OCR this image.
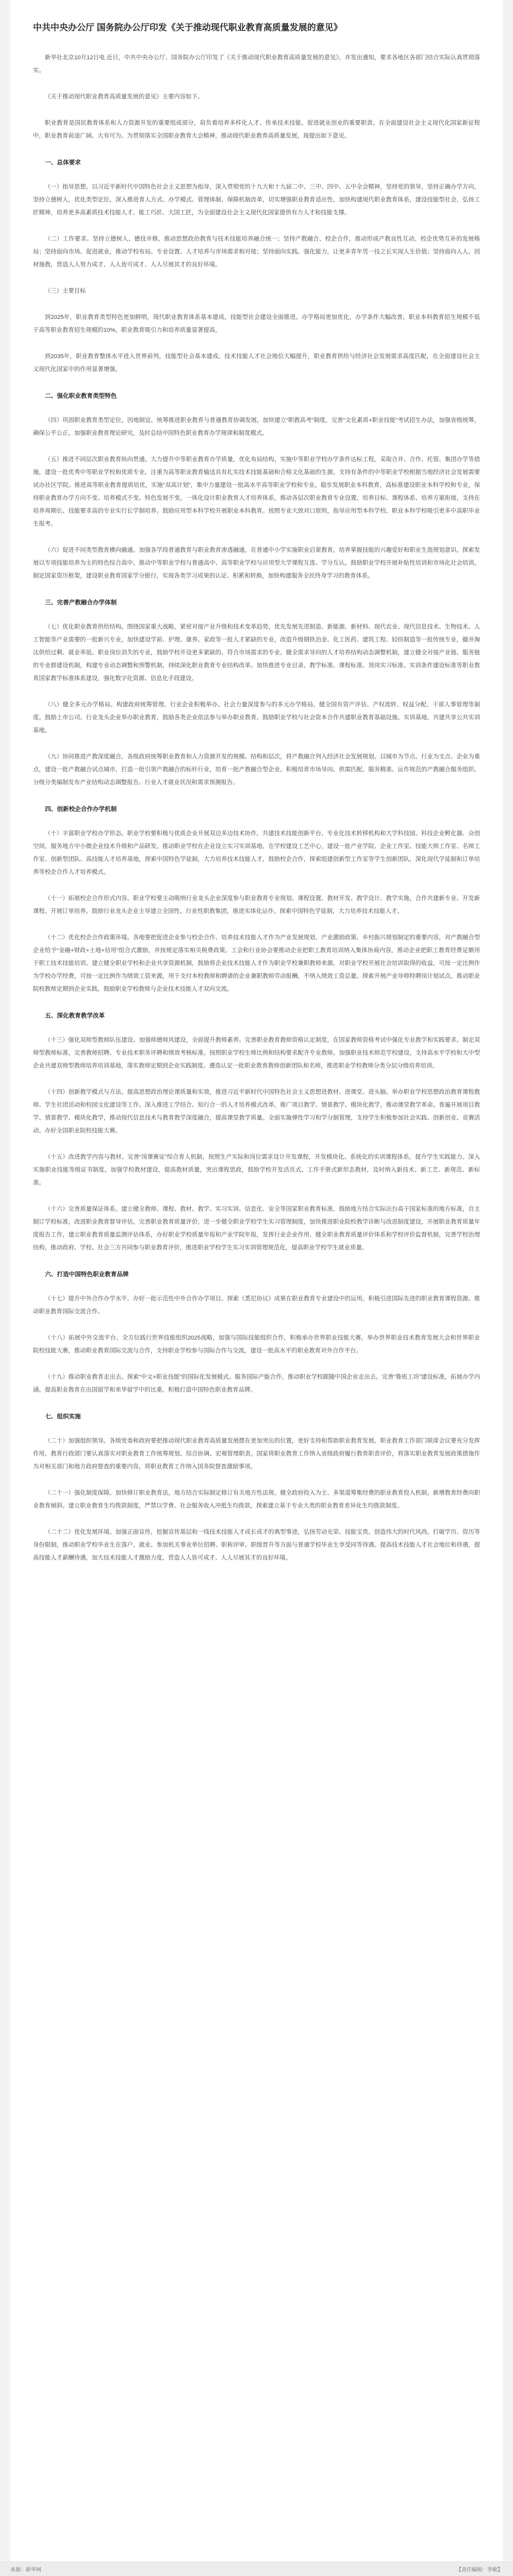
中共中央办公厅 国务院办公厅印发《关于推动现代职业教育高质量发展的意见》

新华社北京10月12日电 近日，中共中央办公厅、国务院办公厅印发了《关于推动现代职业教育高质量发展的意见》，并发出通知，要求各地区各部门结合实际认真贯彻落实。

《关于推动现代职业教育高质量发展的意见》主要内容如下。

职业教育是国民教育体系和人力资源开发的重要组成部分，肩负着培养多样化人才、传承技术技能、促进就业创业的重要职责。在全面建设社会主义现代化国家新征程中，职业教育前途广阔、大有可为。为贯彻落实全国职业教育大会精神，推动现代职业教育高质量发展，现提出如下意见。

一、总体要求

（一）指导思想。以习近平新时代中国特色社会主义思想为指导，深入贯彻党的十九大和十九届二中、三中、四中、五中全会精神，坚持党的领导，坚持正确办学方向，坚持立德树人，优化类型定位，深入推进育人方式、办学模式、管理体制、保障机制改革，切实增强职业教育适应性，加快构建现代职业教育体系，建设技能型社会，弘扬工匠精神，培养更多高素质技术技能人才、能工巧匠、大国工匠，为全面建设社会主义现代化国家提供有力人才和技能支撑。

（二）工作要求。坚持立德树人、德技并修，推动思想政治教育与技术技能培养融合统一；坚持产教融合、校企合作，推动形成产教良性互动、校企优势互补的发展格局；坚持面向市场、促进就业，推动学校布局、专业设置、人才培养与市场需求相对接；坚持面向实践、强化能力，让更多青年凭一技之长实现人生价值；坚持面向人人、因材施教，营造人人努力成才、人人皆可成才、人人尽展其才的良好环境。

（三）主要目标

到2025年，职业教育类型特色更加鲜明，现代职业教育体系基本建成，技能型社会建设全面推进。办学格局更加优化，办学条件大幅改善，职业本科教育招生规模不低于高等职业教育招生规模的10%，职业教育吸引力和培养质量显著提高。

到2035年，职业教育整体水平进入世界前列，技能型社会基本建成。技术技能人才社会地位大幅提升，职业教育供给与经济社会发展需求高度匹配，在全面建设社会主义现代化国家中的作用显著增强。

二、强化职业教育类型特色

（四）巩固职业教育类型定位。因地制宜、统筹推进职业教育与普通教育协调发展。加快建立“职教高考”制度，完善“文化素质+职业技能”考试招生办法，加强省级统筹，确保公平公正。加强职业教育理论研究，及时总结中国特色职业教育办学规律和制度模式。

（五）推进不同层次职业教育纵向贯通。大力提升中等职业教育办学质量，优化布局结构，实施中等职业学校办学条件达标工程，采取合并、合作、托管、集团办学等措施，建设一批优秀中等职业学校和优质专业，注重为高等职业教育输送具有扎实技术技能基础和合格文化基础的生源。支持有条件的中等职业学校根据当地经济社会发展需要试办社区学院。推进高等职业教育提质培优，实施“双高计划”，集中力量建设一批高水平高等职业学校和专业。稳步发展职业本科教育，高标准建设职业本科学校和专业，保持职业教育办学方向不变、培养模式不变、特色发展不变。一体化设计职业教育人才培养体系，推动各层次职业教育专业设置、培养目标、课程体系、培养方案衔接，支持在培养周期长、技能要求高的专业实行长学制培养。鼓励应用型本科学校开展职业本科教育。按照专业大致对口原则，指导应用型本科学校、职业本科学校吸引更多中高职毕业生报考。

（六）促进不同类型教育横向融通。加强各学段普通教育与职业教育渗透融通，在普通中小学实施职业启蒙教育，培养掌握技能的兴趣爱好和职业生涯规划意识。探索发展以专项技能培养为主的特色综合高中。推动中等职业学校与普通高中、高等职业学校与应用型大学课程互选、学分互认。鼓励职业学校开展补贴性培训和市场化社会培训。制定国家资历框架，建设职业教育国家学分银行，实现各类学习成果的认证、积累和转换，加快构建服务全民终身学习的教育体系。

三、完善产教融合办学体制

（七）优化职业教育供给结构。围绕国家重大战略，紧密对接产业升级和技术变革趋势，优先发展先进制造、新能源、新材料、现代农业、现代信息技术、生物技术、人工智能等产业需要的一批新兴专业，加快建设学前、护理、康养、家政等一批人才紧缺的专业，改造升级钢铁冶金、化工医药、建筑工程、轻纺制造等一批传统专业，撤并淘汰供给过剩、就业率低、职业岗位消失的专业，鼓励学校开设更多紧缺的、符合市场需求的专业。健全需求导向的人才培养结构动态调整机制，建立健全对接产业链、服务链的专业群建设机制，构建专业动态调整和预警机制，持续深化职业教育专业结构改革。加快推进专业目录、教学标准、课程标准、顶岗实习标准、实训条件建设标准等职业教育国家教学标准体系建设，强化数字化资源、信息化手段建设。

（八）健全多元办学格局。构建政府统筹管理、行业企业积极举办、社会力量深度参与的多元办学格局。健全国有资产评估、产权流转、权益分配、干部人事管理等制度。鼓励上市公司、行业龙头企业举办职业教育，鼓励各类企业依法参与举办职业教育。鼓励职业学校与社会资本合作共建职业教育基础设施、实训基地，共建共享公共实训基地。

（九）协同推进产教深度融合。各级政府统筹职业教育和人力资源开发的规模、结构和层次，将产教融合列入经济社会发展规划。以城市为节点、行业为支点、企业为重点，建设一批产教融合试点城市，打造一批引领产教融合的标杆行业，培育一批产教融合型企业。积极培育市场导向、供需匹配、服务精准、运作规范的产教融合服务组织。分级分类编制发布产业结构动态调整报告、行业人才就业状况和需求预测报告。

四、创新校企合作办学机制

（十）丰富职业学校办学形态。职业学校要积极与优质企业开展双边多边技术协作，共建技术技能创新平台、专业化技术转移机构和大学科技园、科技企业孵化器、众创空间，服务地方中小微企业技术升级和产品研发。推动职业学校在企业设立实习实训基地、在学校建设工艺中心，建设一批产业学院、企业工作室、技能大师工作室、名师工作室、创新型团队、高技能人才培养基地，探索中国特色学徒制，大力培养技术技能人才，鼓励校企合作，探索组建创新型工作室等学生创新团队，深化现代学徒制和订单培养等校企合作人才培养模式。

（十一）拓展校企合作形式内容。职业学校要主动吸纳行业龙头企业深度参与职业教育专业规划、课程设置、教材开发、教学设计、教学实施，合作共建新专业、开发新课程、开展订单培养。鼓励行业龙头企业主导建立全国性、行业性职教集团，推进实体化运作。探索中国特色学徒制，大力培养技术技能人才。

（十二）优化校企合作政策环境。各地要把促进企业参与校企合作、培养技术技能人才作为产业发展规划、产业激励政策、乡村振兴规划制定的重要内容，对产教融合型企业给予“金融+财政+土地+信用”组合式激励，并按规定落实相关税费政策。工会和行业协会要推动企业把职工教育培训纳入集体协商内容，推动企业把职工教育经费足额用于职工技术技能培训。建立健全职业学校和企业共享资源机制，鼓励将企业技术技能人才作为职业学校兼职教师来源。对职业学校开展社会培训取得的收益，可按一定比例作为学校办学经费，可按一定比例作为绩效工资来源，用于支付本校教师和聘请的企业兼职教师劳动报酬，不纳入绩效工资总量。探索开展产业导师特聘岗计划试点，推动职业院校教师定期到企业实践，鼓励职业学校教师与企业技术技能人才双向交流。

五、深化教育教学改革

（十三）强化双师型教师队伍建设。加强师德师风建设，全面提升教师素养。完善职业教育教师资格认定制度，在国家教师资格考试中强化专业教学和实践要求。制定双师型教师标准，完善教师招聘、专业技术职务评聘和绩效考核标准。按照职业学校生师比例和结构要求配齐专业教师。加强职业技术师范学校建设。支持高水平学校和大中型企业共建双师型教师培养培训基地，落实教师定期到企业实践制度。遴选认定一批职业教育教师创新团队和名师，推进职业学校教师分类分层分级培养培训。

（十四）创新教学模式与方法。提高思想政治理论课质量和实效，推进习近平新时代中国特色社会主义思想进教材、进课堂、进头脑。举办职业学校思想政治教育课程教师、学生社团活动和校园文化建设等工作。深入推进工学结合、知行合一的人才培养模式改革，推广项目教学、情景教学、模块化教学，推动课堂教学革命。普遍开展项目教学、情景教学、模块化教学，推动现代信息技术与教育教学深度融合，提高课堂教学质量。全面实施弹性学习和学分制管理，支持学生积极参加社会实践、创新创业、竞赛活动。办好全国职业院校技能大赛。

（十五）改进教学内容与教材。完善“岗课赛证”综合育人机制，按照生产实际和岗位需求设计开发课程，开发模块化、系统化的实训课程体系，提升学生实践能力。深入实施职业技能等级证书制度。加强学校教材建设，提高教材质量，突出课程思政，鼓励学校开发活页式、工作手册式新形态教材，及时纳入新技术、新工艺、新规范、新标准。

（十六）完善质量保证体系。建立健全教师、课程、教材、教学、实习实训、信息化、安全等国家职业教育标准，鼓励地方结合实际出台高于国家标准的地方标准，自主制订学校标准，改进职业教育督导评估，完善职业教育质量评价，进一步健全职业学校学生实习管理制度，加快推进职业院校教学诊断与改进制度建设，开展职业教育质量年度报告工作，建立职业教育质量监测评估体系，办好职业学校质量年报和产业学院年报，发挥行业企业作用，健全职业教育质量评价体系和学校评价监督机制，完善学校治理结构，推动政府、学校、社会三方共同参与职业教育评价，推进职业学校学生实习实训管理规范化，提高职业学校学生就业质量。

六、打造中国特色职业教育品牌

（十七）提升中外合作办学水平。办好一批示范性中外合作办学项目。探索《悉尼协议》成果在职业教育专业建设中的运用。积极引进国际先进的职业教育课程资源。推动职业教育国际交流合作。

（十八）拓展中外交流平台。全方位践行世界技能组织2025战略，加强与国际技能组织合作，积极承办世界职业技能大赛。举办世界职业技术教育发展大会和世界职业院校技能大赛，推动职业教育国际交流与合作，支持职业学校参与国际合作与交流，建设一批高水平的职业教育对外合作平台。

（十九）推动职业教育走出去。探索“中文+职业技能”的国际化发展模式。服务国际产能合作，推动职业学校跟随中国企业走出去。完善“鲁班工坊”建设标准，拓展办学内涵。提高职业教育在出国留学和来华留学中的比重，积极打造中国特色职业教育品牌。

七、组织实施

（二十）加强组织领导。各级党委和政府要把推动现代职业教育高质量发展摆在更加突出的位置，更好支持和帮助职业教育发展。职业教育工作部门联席会议要充分发挥作用，教育行政部门要认真落实对职业教育工作统筹规划、综合协调、宏观管理职责。国家将职业教育工作纳入省级政府履行教育职责评价，将落实职业教育发展政策措施作为对相关部门和地方政府督查的重要内容，将职业教育工作纳入国务院督查激励事项。

（二十一）强化制度保障。加快修订职业教育法，地方结合实际制定修订有关地方性法规。健全政府投入为主、多渠道筹集经费的职业教育投入机制。新增教育经费向职业教育倾斜。建立职业教育生均拨款制度，严禁以学费、社会服务收入冲抵生均拨款，探索建立基于专业大类的职业教育差异化生均拨款制度。

（二十二）优化发展环境。加强正面宣传，挖掘宣传基层和一线技术技能人才成长成才的典型事迹，弘扬劳动光荣、技能宝贵、创造伟大的时代风尚。打破学历、资历等身份限制，推动职业学校毕业生在落户、就业、参加机关事业单位招聘、职称评审、职级晋升等方面与普通学校毕业生享受同等待遇。提高技术技能人才社会地位和待遇，提高技能人才薪酬待遇，加大技术技能人才激励力度，营造人人皆可成才、人人尽展其才的良好环境。

来源：新华网	【责任编辑：李敏】
